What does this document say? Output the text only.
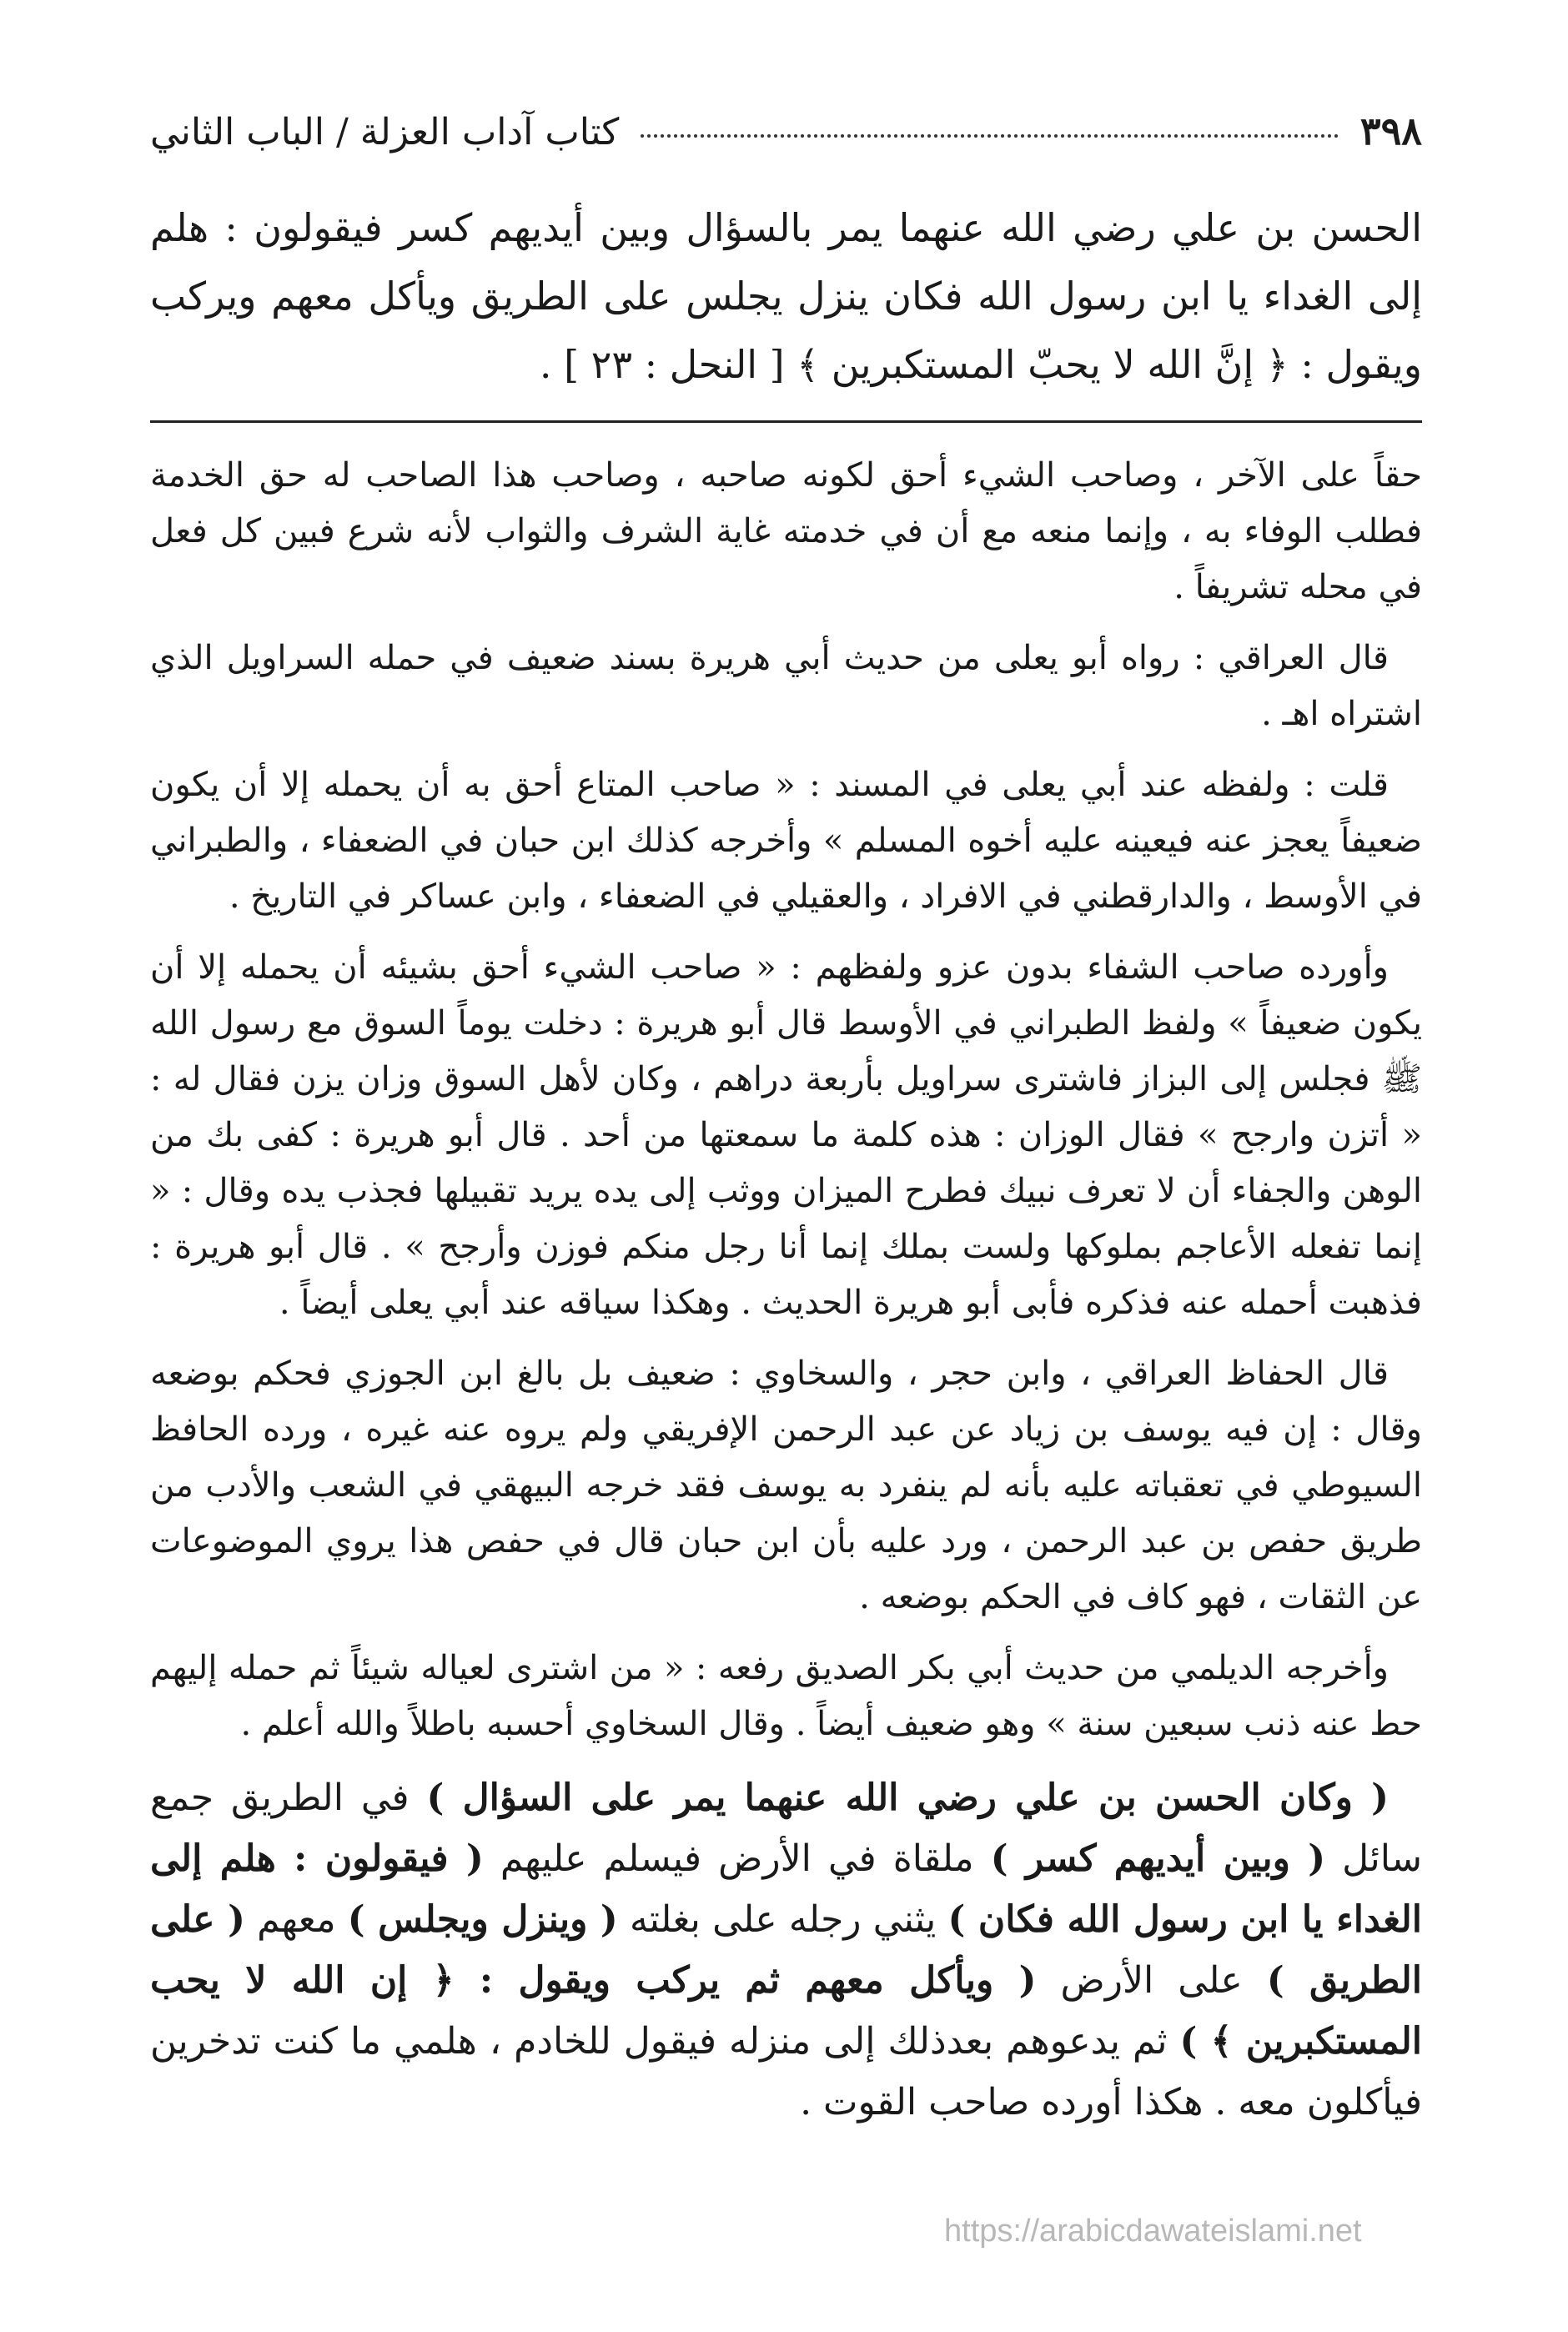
٣٩٨
كتاب آداب العزلة / الباب الثاني

الحسن بن علي رضي الله عنهما يمر بالسؤال وبين أيديهم كسر فيقولون : هلم إلى الغداء يا ابن رسول الله فكان ينزل يجلس على الطريق ويأكل معهم ويركب ويقول : ﴿ إنَّ الله لا يحبّ المستكبرين ﴾ [ النحل : ٢٣ ] .

حقاً على الآخر ، وصاحب الشيء أحق لكونه صاحبه ، وصاحب هذا الصاحب له حق الخدمة فطلب الوفاء به ، وإنما منعه مع أن في خدمته غاية الشرف والثواب لأنه شرع فبين كل فعل في محله تشريفاً .

قال العراقي : رواه أبو يعلى من حديث أبي هريرة بسند ضعيف في حمله السراويل الذي اشتراه اهـ .

قلت : ولفظه عند أبي يعلى في المسند : « صاحب المتاع أحق به أن يحمله إلا أن يكون ضعيفاً يعجز عنه فيعينه عليه أخوه المسلم » وأخرجه كذلك ابن حبان في الضعفاء ، والطبراني في الأوسط ، والدارقطني في الافراد ، والعقيلي في الضعفاء ، وابن عساكر في التاريخ .

وأورده صاحب الشفاء بدون عزو ولفظهم : « صاحب الشيء أحق بشيئه أن يحمله إلا أن يكون ضعيفاً » ولفظ الطبراني في الأوسط قال أبو هريرة : دخلت يوماً السوق مع رسول الله ﷺ فجلس إلى البزاز فاشترى سراويل بأربعة دراهم ، وكان لأهل السوق وزان يزن فقال له : « أتزن وارجح » فقال الوزان : هذه كلمة ما سمعتها من أحد . قال أبو هريرة : كفى بك من الوهن والجفاء أن لا تعرف نبيك فطرح الميزان ووثب إلى يده يريد تقبيلها فجذب يده وقال : « إنما تفعله الأعاجم بملوكها ولست بملك إنما أنا رجل منكم فوزن وأرجح » . قال أبو هريرة : فذهبت أحمله عنه فذكره فأبى أبو هريرة الحديث . وهكذا سياقه عند أبي يعلى أيضاً .

قال الحفاظ العراقي ، وابن حجر ، والسخاوي : ضعيف بل بالغ ابن الجوزي فحكم بوضعه وقال : إن فيه يوسف بن زياد عن عبد الرحمن الإفريقي ولم يروه عنه غيره ، ورده الحافظ السيوطي في تعقباته عليه بأنه لم ينفرد به يوسف فقد خرجه البيهقي في الشعب والأدب من طريق حفص بن عبد الرحمن ، ورد عليه بأن ابن حبان قال في حفص هذا يروي الموضوعات عن الثقات ، فهو كاف في الحكم بوضعه .

وأخرجه الديلمي من حديث أبي بكر الصديق رفعه : « من اشترى لعياله شيئاً ثم حمله إليهم حط عنه ذنب سبعين سنة » وهو ضعيف أيضاً . وقال السخاوي أحسبه باطلاً والله أعلم .

( وكان الحسن بن علي رضي الله عنهما يمر على السؤال ) في الطريق جمع سائل ( وبين أيديهم كسر ) ملقاة في الأرض فيسلم عليهم ( فيقولون : هلم إلى الغداء يا ابن رسول الله فكان ) يثني رجله على بغلته ( وينزل ويجلس ) معهم ( على الطريق ) على الأرض ( ويأكل معهم ثم يركب ويقول : ﴿ إن الله لا يحب المستكبرين ﴾ ) ثم يدعوهم بعدذلك إلى منزله فيقول للخادم ، هلمي ما كنت تدخرين فيأكلون معه . هكذا أورده صاحب القوت .

https://arabicdawateislami.net
